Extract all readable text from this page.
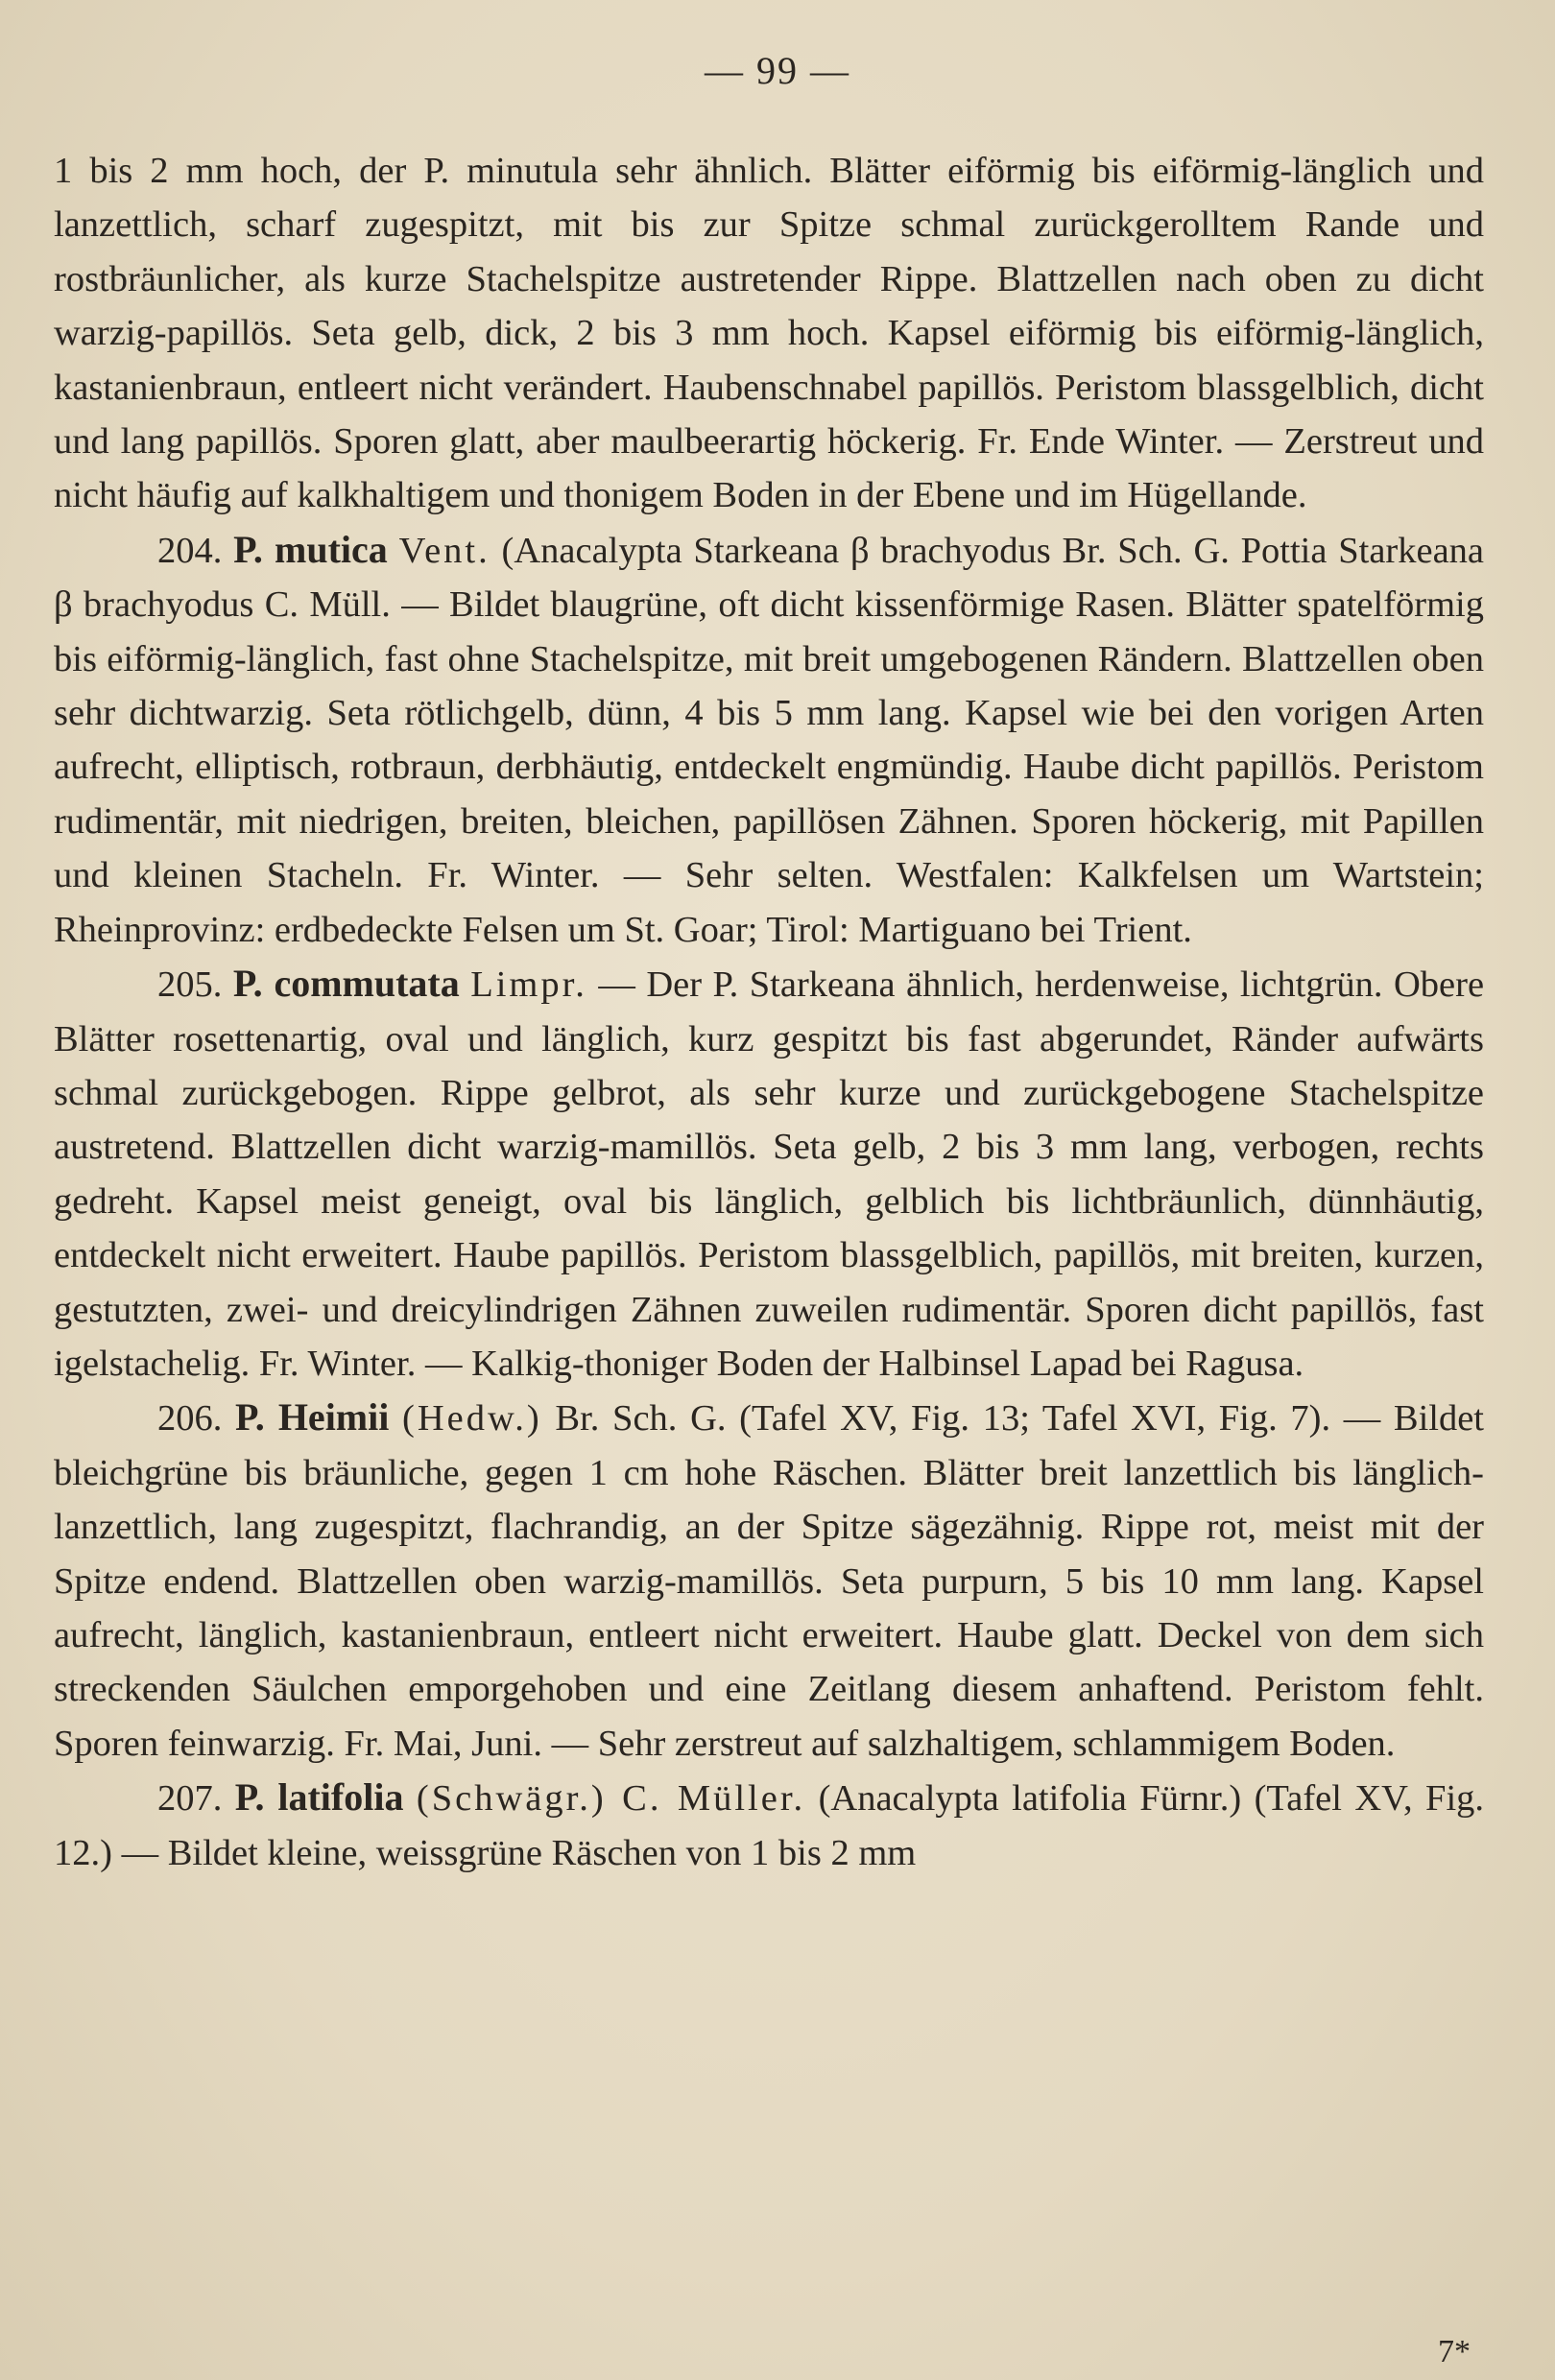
— 99 —

1 bis 2 mm hoch, der P. minutula sehr ähnlich. Blätter eiförmig bis eiförmig-länglich und lanzettlich, scharf zugespitzt, mit bis zur Spitze schmal zurückgerolltem Rande und rostbräunlicher, als kurze Stachelspitze austretender Rippe. Blattzellen nach oben zu dicht warzig-papillös. Seta gelb, dick, 2 bis 3 mm hoch. Kapsel eiförmig bis eiförmig-länglich, kastanienbraun, entleert nicht verändert. Haubenschnabel papillös. Peristom blassgelblich, dicht und lang papillös. Sporen glatt, aber maulbeerartig höckerig. Fr. Ende Winter. — Zerstreut und nicht häufig auf kalkhaltigem und thonigem Boden in der Ebene und im Hügellande.

204. P. mutica Vent. (Anacalypta Starkeana β brachyodus Br. Sch. G. Pottia Starkeana β brachyodus C. Müll. — Bildet blaugrüne, oft dicht kissenförmige Rasen. Blätter spatelförmig bis eiförmig-länglich, fast ohne Stachelspitze, mit breit umgebogenen Rändern. Blattzellen oben sehr dichtwarzig. Seta rötlichgelb, dünn, 4 bis 5 mm lang. Kapsel wie bei den vorigen Arten aufrecht, elliptisch, rotbraun, derbhäutig, entdeckelt engmündig. Haube dicht papillös. Peristom rudimentär, mit niedrigen, breiten, bleichen, papillösen Zähnen. Sporen höckerig, mit Papillen und kleinen Stacheln. Fr. Winter. — Sehr selten. Westfalen: Kalkfelsen um Wartstein; Rheinprovinz: erdbedeckte Felsen um St. Goar; Tirol: Martiguano bei Trient.

205. P. commutata Limpr. — Der P. Starkeana ähnlich, herdenweise, lichtgrün. Obere Blätter rosettenartig, oval und länglich, kurz gespitzt bis fast abgerundet, Ränder aufwärts schmal zurückgebogen. Rippe gelbrot, als sehr kurze und zurückgebogene Stachelspitze austretend. Blattzellen dicht warzig-mamillös. Seta gelb, 2 bis 3 mm lang, verbogen, rechts gedreht. Kapsel meist geneigt, oval bis länglich, gelblich bis lichtbräunlich, dünnhäutig, entdeckelt nicht erweitert. Haube papillös. Peristom blassgelblich, papillös, mit breiten, kurzen, gestutzten, zwei- und dreicylindrigen Zähnen zuweilen rudimentär. Sporen dicht papillös, fast igelstachelig. Fr. Winter. — Kalkig-thoniger Boden der Halbinsel Lapad bei Ragusa.

206. P. Heimii (Hedw.) Br. Sch. G. (Tafel XV, Fig. 13; Tafel XVI, Fig. 7). — Bildet bleichgrüne bis bräunliche, gegen 1 cm hohe Räschen. Blätter breit lanzettlich bis länglich-lanzettlich, lang zugespitzt, flachrandig, an der Spitze sägezähnig. Rippe rot, meist mit der Spitze endend. Blattzellen oben warzig-mamillös. Seta purpurn, 5 bis 10 mm lang. Kapsel aufrecht, länglich, kastanienbraun, entleert nicht erweitert. Haube glatt. Deckel von dem sich streckenden Säulchen emporgehoben und eine Zeitlang diesem anhaftend. Peristom fehlt. Sporen feinwarzig. Fr. Mai, Juni. — Sehr zerstreut auf salzhaltigem, schlammigem Boden.

207. P. latifolia (Schwägr.) C. Müller. (Anacalypta latifolia Fürnr.) (Tafel XV, Fig. 12.) — Bildet kleine, weissgrüne Räschen von 1 bis 2 mm

7*
